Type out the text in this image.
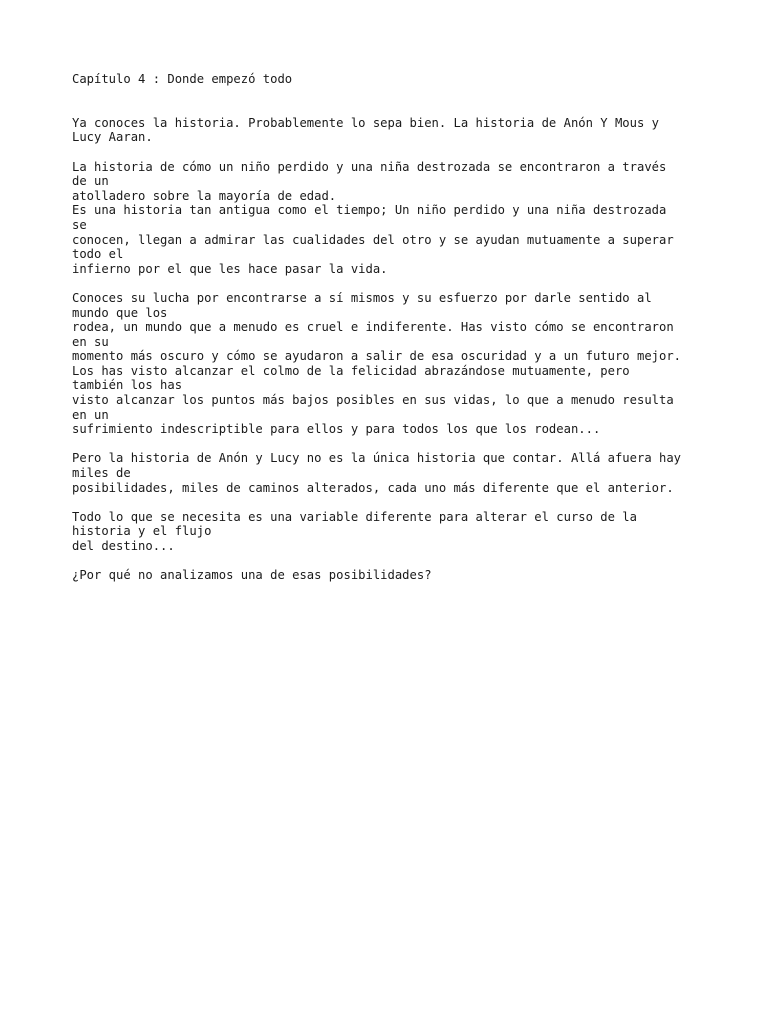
Capítulo 4 : Donde empezó todo
Ya conoces la historia. Probablemente lo sepa bien. La historia de Anón Y Mous y
Lucy Aaran.
La historia de cómo un niño perdido y una niña destrozada se encontraron a través
de un
atolladero sobre la mayoría de edad.
Es una historia tan antigua como el tiempo; Un niño perdido y una niña destrozada
se
conocen, llegan a admirar las cualidades del otro y se ayudan mutuamente a superar
todo el
infierno por el que les hace pasar la vida.
Conoces su lucha por encontrarse a sí mismos y su esfuerzo por darle sentido al
mundo que los
rodea, un mundo que a menudo es cruel e indiferente. Has visto cómo se encontraron
en su
momento más oscuro y cómo se ayudaron a salir de esa oscuridad y a un futuro mejor.
Los has visto alcanzar el colmo de la felicidad abrazándose mutuamente, pero
también los has
visto alcanzar los puntos más bajos posibles en sus vidas, lo que a menudo resulta
en un
sufrimiento indescriptible para ellos y para todos los que los rodean...
Pero la historia de Anón y Lucy no es la única historia que contar. Allá afuera hay
miles de
posibilidades, miles de caminos alterados, cada uno más diferente que el anterior.
Todo lo que se necesita es una variable diferente para alterar el curso de la
historia y el flujo
del destino...
¿Por qué no analizamos una de esas posibilidades?
